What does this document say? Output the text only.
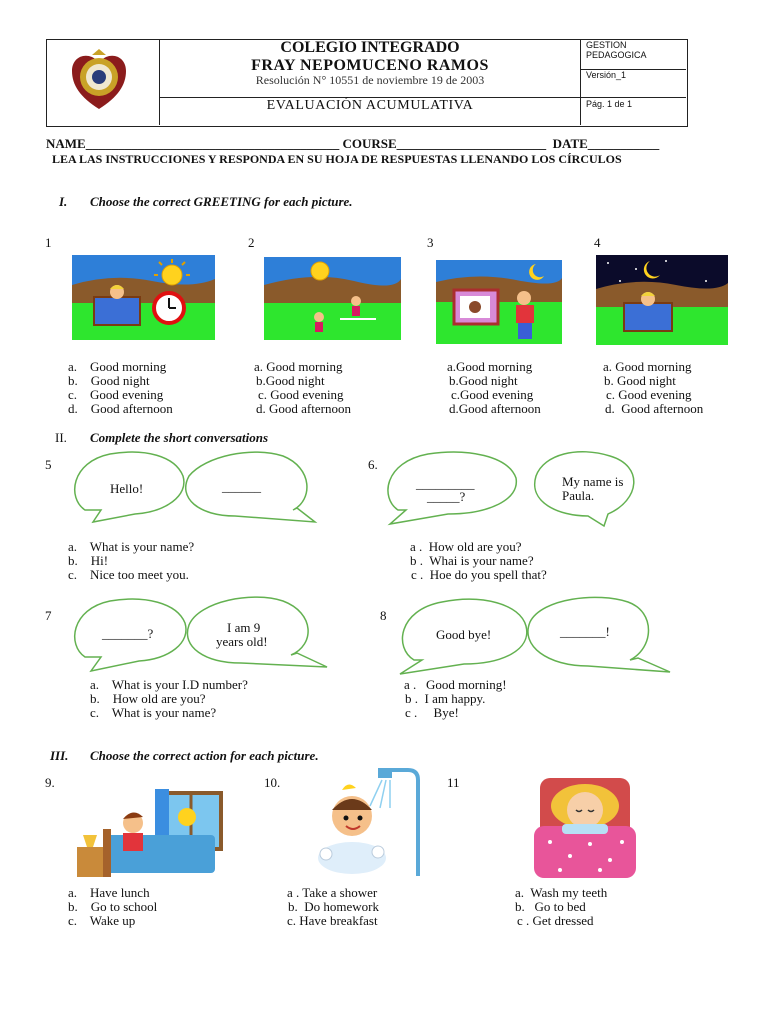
COLEGIO INTEGRADO
FRAY NEPOMUCENO RAMOS
Resolución N° 10551 de noviembre 19 de 2003
EVALUACIÓN ACUMULATIVA
GESTION PEDAGOGICA
Versión_1
Pág. 1 de 1
NAME_______________________________________ COURSE_______________________  DATE___________
LEA LAS INSTRUCCIONES Y RESPONDA EN SU HOJA DE RESPUESTAS LLENANDO LOS CÍRCULOS
I. Choose the correct GREETING for each picture.
1	2	3	4
a.    Good morning
b.    Good night
c.    Good evening
d.    Good afternoon
a. Good morning
b.Good night
c. Good evening
d. Good afternoon
a.Good morning
b.Good night
c.Good evening
d.Good afternoon
a. Good morning
b. Good night
c. Good evening
d.  Good afternoon
II. Complete the short conversations
5
Hello!	______
a.    What is your name?
b.    Hi!
c.    Nice too meet you.
6.
_________
_____?
My name is
Paula.
a .  How old are you?
b .  Whai is your name?
c .  Hoe do you spell that?
7
_______?	I am 9
years old!
a.    What is your I.D number?
b.    How old are you?
c.    What is your name?
8
Good bye!	_______!
a .   Good morning!
b .  I am happy.
c .     Bye!
III. Choose the correct action for each picture.
9.	10.	11
a.    Have lunch
b.    Go to school
c.    Wake up
a . Take a shower
b.  Do homework
c. Have breakfast
a.  Wash my teeth
b.   Go to bed
c . Get dressed
